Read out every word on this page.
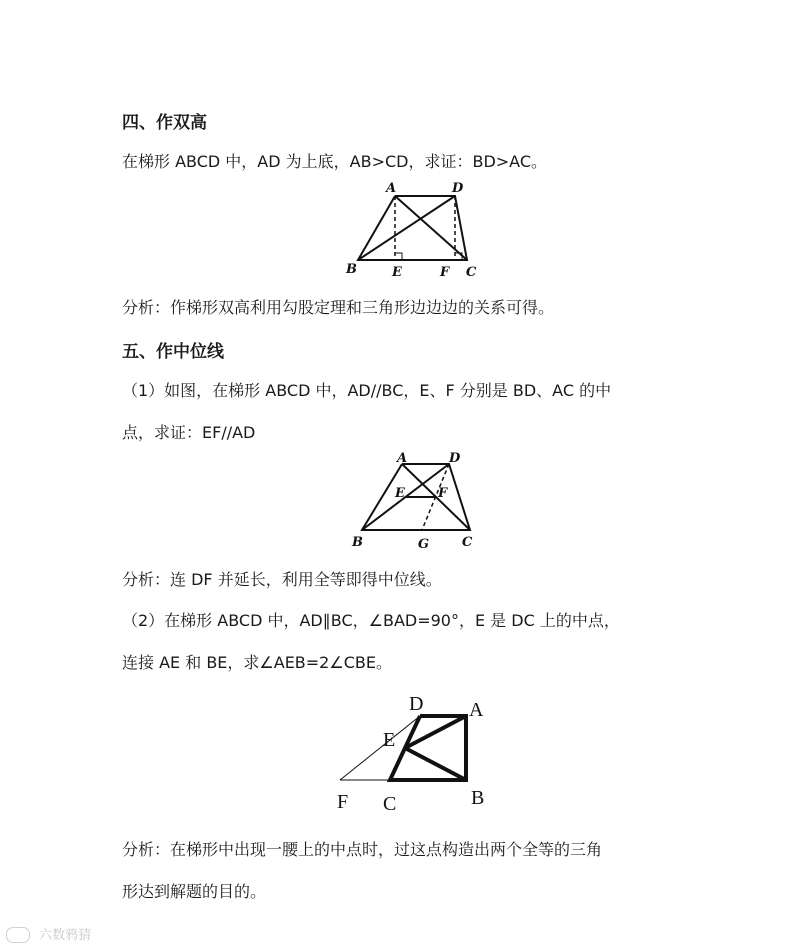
四、作双高
在梯形 ABCD 中，AD 为上底，AB>CD，求证：BD>AC。
A	D
B	E	F C
分析：作梯形双高利用勾股定理和三角形边边边的关系可得。
五、作中位线
（1）如图，在梯形 ABCD 中，AD//BC，E、F 分别是 BD、AC 的中
点，求证：EF//AD
A	D
E	F
B	G	C
分析：连 DF 并延长，利用全等即得中位线。
（2）在梯形 ABCD 中，AD∥BC，∠BAD=90°，E 是 DC 上的中点，
连接 AE 和 BE，求∠AEB=2∠CBE。
D A
E
F C	B
分析：在梯形中出现一腰上的中点时，过这点构造出两个全等的三角
形达到解题的目的。
六数鸦猜
